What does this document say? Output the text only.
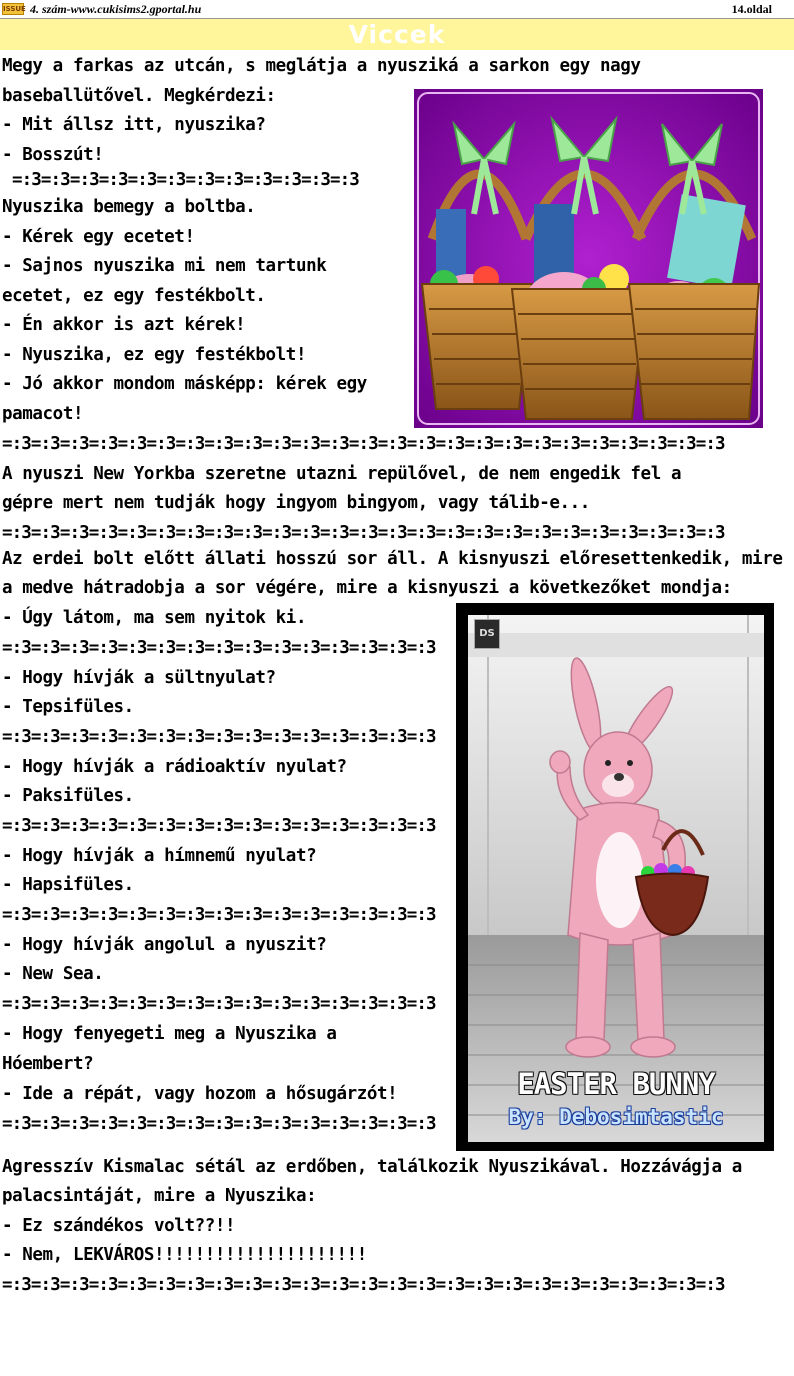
ISSUE 4. szám-www.cukisims2.gportal.hu	14.oldal
Viccek
Megy a farkas az utcán, s meglátja a nyusziká a sarkon egy nagy
baseballütővel. Megkérdezi:
- Mit állsz itt, nyuszika?
- Bosszút!
=:3=:3=:3=:3=:3=:3=:3=:3=:3=:3=:3=:3
Nyuszika bemegy a boltba.
- Kérek egy ecetet!
- Sajnos nyuszika mi nem tartunk
ecetet, ez egy festékbolt.
- Én akkor is azt kérek!
- Nyuszika, ez egy festékbolt!
- Jó akkor mondom másképp: kérek egy
pamacot!
=:3=:3=:3=:3=:3=:3=:3=:3=:3=:3=:3=:3=:3=:3=:3=:3=:3=:3=:3=:3=:3=:3=:3=:3=:3
A nyuszi New Yorkba szeretne utazni repülővel, de nem engedik fel a
gépre mert nem tudják hogy ingyom bingyom, vagy tálib-e...
=:3=:3=:3=:3=:3=:3=:3=:3=:3=:3=:3=:3=:3=:3=:3=:3=:3=:3=:3=:3=:3=:3=:3=:3=:3
Az erdei bolt előtt állati hosszú sor áll. A kisnyuszi előresettenkedik, mire
a medve hátradobja a sor végére, mire a kisnyuszi a következőket mondja:
- Úgy látom, ma sem nyitok ki.
=:3=:3=:3=:3=:3=:3=:3=:3=:3=:3=:3=:3=:3=:3=:3
- Hogy hívják a sültnyulat?
- Tepsifüles.
=:3=:3=:3=:3=:3=:3=:3=:3=:3=:3=:3=:3=:3=:3=:3
- Hogy hívják a rádioaktív nyulat?
- Paksifüles.
=:3=:3=:3=:3=:3=:3=:3=:3=:3=:3=:3=:3=:3=:3=:3
- Hogy hívják a hímnemű nyulat?
- Hapsifüles.
=:3=:3=:3=:3=:3=:3=:3=:3=:3=:3=:3=:3=:3=:3=:3
- Hogy hívják angolul a nyuszit?
- New Sea.
=:3=:3=:3=:3=:3=:3=:3=:3=:3=:3=:3=:3=:3=:3=:3
- Hogy fenyegeti meg a Nyuszika a
Hóembert?
- Ide a répát, vagy hozom a hősugárzót!
=:3=:3=:3=:3=:3=:3=:3=:3=:3=:3=:3=:3=:3=:3=:3
DS
EASTER BUNNY
By: Debosimtastic
Agresszív Kismalac sétál az erdőben, találkozik Nyuszikával. Hozzávágja a
palacsintáját, mire a Nyuszika:
- Ez szándékos volt??!!
- Nem, LEKVÁROS!!!!!!!!!!!!!!!!!!!!!
=:3=:3=:3=:3=:3=:3=:3=:3=:3=:3=:3=:3=:3=:3=:3=:3=:3=:3=:3=:3=:3=:3=:3=:3=:3
